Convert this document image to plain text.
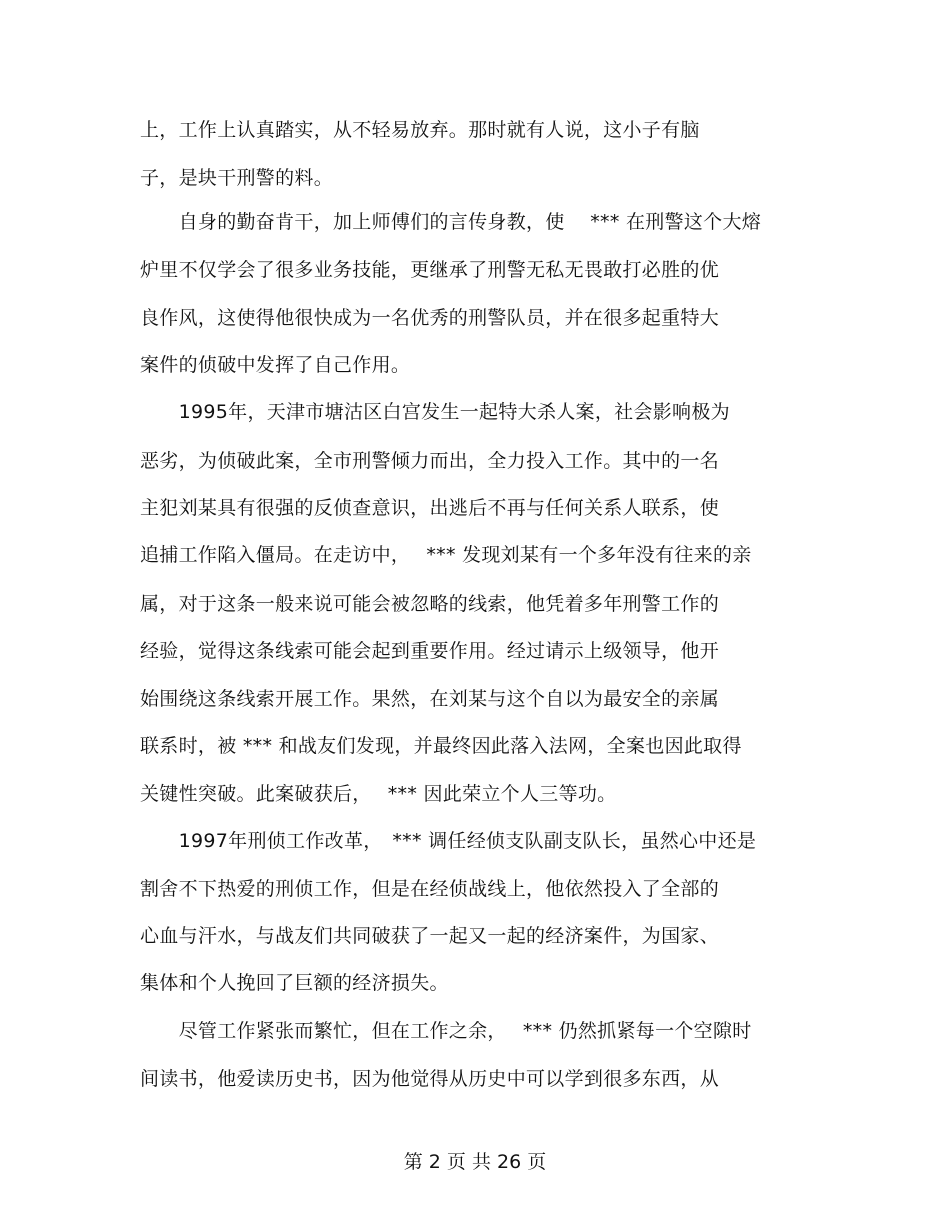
上，工作上认真踏实，从不轻易放弃。那时就有人说，这小子有脑
子，是块干刑警的料。
　　自身的勤奋肯干，加上师傅们的言传身教，使　 *** 在刑警这个大熔
炉里不仅学会了很多业务技能，更继承了刑警无私无畏敢打必胜的优
良作风，这使得他很快成为一名优秀的刑警队员，并在很多起重特大
案件的侦破中发挥了自己作用。
　　1995年，天津市塘沽区白宫发生一起特大杀人案，社会影响极为
恶劣，为侦破此案，全市刑警倾力而出，全力投入工作。其中的一名
主犯刘某具有很强的反侦查意识，出逃后不再与任何关系人联系，使
追捕工作陷入僵局。在走访中，　 *** 发现刘某有一个多年没有往来的亲
属，对于这条一般来说可能会被忽略的线索，他凭着多年刑警工作的
经验，觉得这条线索可能会起到重要作用。经过请示上级领导，他开
始围绕这条线索开展工作。果然，在刘某与这个自以为最安全的亲属
联系时，被 *** 和战友们发现，并最终因此落入法网，全案也因此取得
关键性突破。此案破获后，　 *** 因此荣立个人三等功。
　　1997年刑侦工作改革，　*** 调任经侦支队副支队长，虽然心中还是
割舍不下热爱的刑侦工作，但是在经侦战线上，他依然投入了全部的
心血与汗水，与战友们共同破获了一起又一起的经济案件，为国家、
集体和个人挽回了巨额的经济损失。
　　尽管工作紧张而繁忙，但在工作之余，　 *** 仍然抓紧每一个空隙时
间读书，他爱读历史书，因为他觉得从历史中可以学到很多东西，从
第 2 页 共 26 页
